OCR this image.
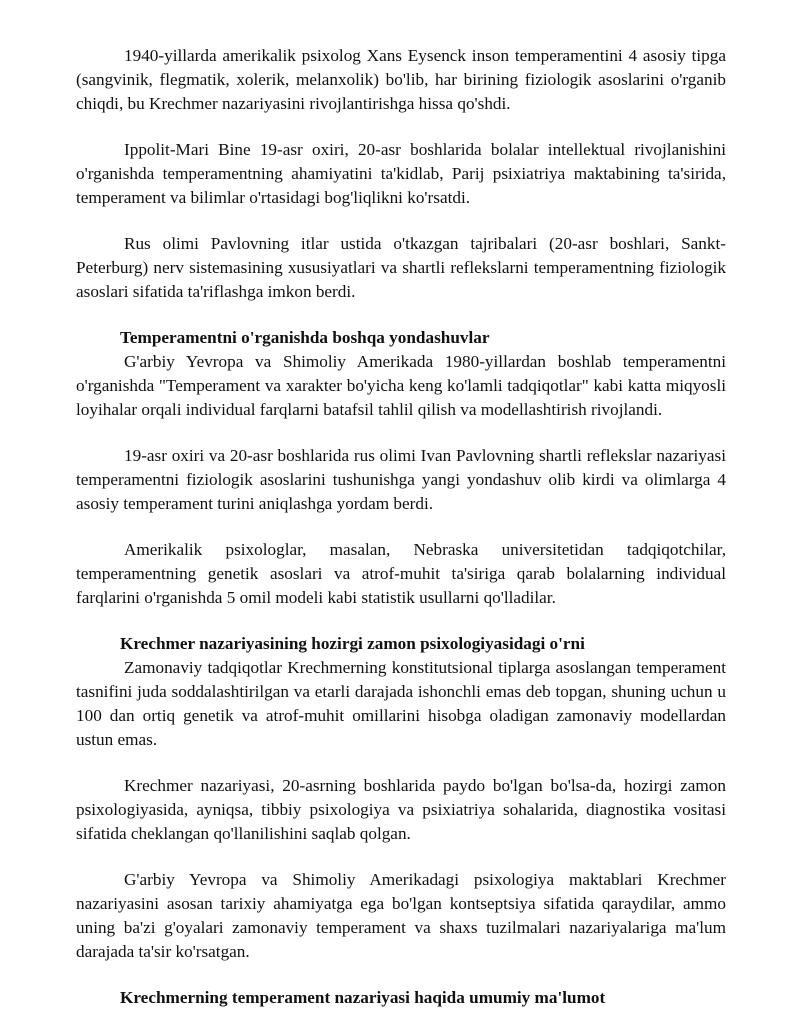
1940-yillarda amerikalik psixolog Xans Eysenck inson temperamentini 4 asosiy tipga (sangvinik, flegmatik, xolerik, melanxolik) bo'lib, har birining fiziologik asoslarini o'rganib chiqdi, bu Krechmer nazariyasini rivojlantirishga hissa qo'shdi.

Ippolit-Mari Bine 19-asr oxiri, 20-asr boshlarida bolalar intellektual rivojlanishini o'rganishda temperamentning ahamiyatini ta'kidlab, Parij psixiatriya maktabining ta'sirida, temperament va bilimlar o'rtasidagi bog'liqlikni ko'rsatdi.

Rus olimi Pavlovning itlar ustida o'tkazgan tajribalari (20-asr boshlari, Sankt-Peterburg) nerv sistemasining xususiyatlari va shartli reflekslarni temperamentning fiziologik asoslari sifatida ta'riflashga imkon berdi.

Temperamentni o'rganishda boshqa yondashuvlar

G'arbiy Yevropa va Shimoliy Amerikada 1980-yillardan boshlab temperamentni o'rganishda "Temperament va xarakter bo'yicha keng ko'lamli tadqiqotlar" kabi katta miqyosli loyihalar orqali individual farqlarni batafsil tahlil qilish va modellashtirish rivojlandi.

19-asr oxiri va 20-asr boshlarida rus olimi Ivan Pavlovning shartli reflekslar nazariyasi temperamentni fiziologik asoslarini tushunishga yangi yondashuv olib kirdi va olimlarga 4 asosiy temperament turini aniqlashga yordam berdi.

Amerikalik psixologlar, masalan, Nebraska universitetidan tadqiqotchilar, temperamentning genetik asoslari va atrof-muhit ta'siriga qarab bolalarning individual farqlarini o'rganishda 5 omil modeli kabi statistik usullarni qo'lladilar.

Krechmer nazariyasining hozirgi zamon psixologiyasidagi o'rni

Zamonaviy tadqiqotlar Krechmerning konstitutsional tiplarga asoslangan temperament tasnifini juda soddalashtirilgan va etarli darajada ishonchli emas deb topgan, shuning uchun u 100 dan ortiq genetik va atrof-muhit omillarini hisobga oladigan zamonaviy modellardan ustun emas.

Krechmer nazariyasi, 20-asrning boshlarida paydo bo'lgan bo'lsa-da, hozirgi zamon psixologiyasida, ayniqsa, tibbiy psixologiya va psixiatriya sohalarida, diagnostika vositasi sifatida cheklangan qo'llanilishini saqlab qolgan.

G'arbiy Yevropa va Shimoliy Amerikadagi psixologiya maktablari Krechmer nazariyasini asosan tarixiy ahamiyatga ega bo'lgan kontseptsiya sifatida qaraydilar, ammo uning ba'zi g'oyalari zamonaviy temperament va shaxs tuzilmalari nazariyalariga ma'lum darajada ta'sir ko'rsatgan.

Krechmerning temperament nazariyasi haqida umumiy ma'lumot
